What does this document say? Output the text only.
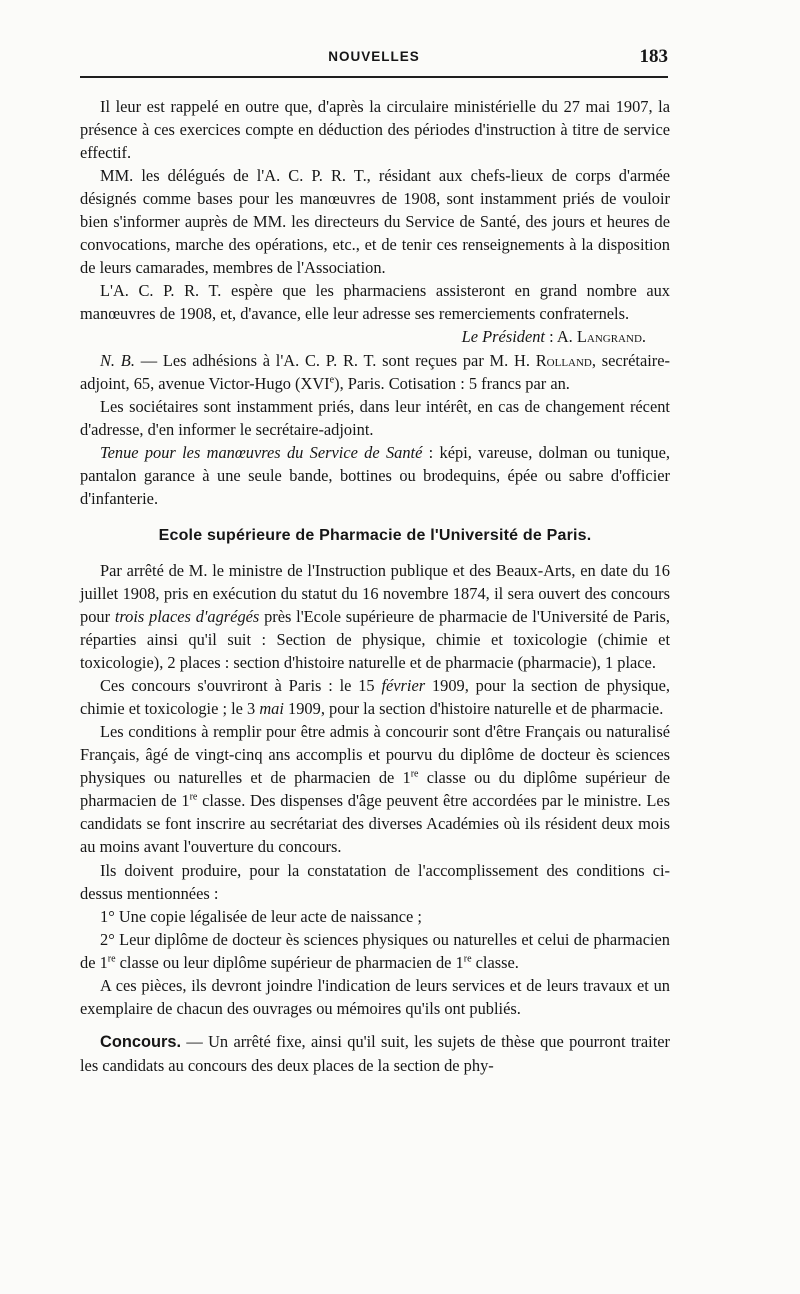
NOUVELLES	183

Il leur est rappelé en outre que, d'après la circulaire ministérielle du 27 mai 1907, la présence à ces exercices compte en déduction des périodes d'instruction à titre de service effectif.

MM. les délégués de l'A. C. P. R. T., résidant aux chefs-lieux de corps d'armée désignés comme bases pour les manœuvres de 1908, sont instamment priés de vouloir bien s'informer auprès de MM. les directeurs du Service de Santé, des jours et heures de convocations, marche des opérations, etc., et de tenir ces renseignements à la disposition de leurs camarades, membres de l'Association.

L'A. C. P. R. T. espère que les pharmaciens assisteront en grand nombre aux manœuvres de 1908, et, d'avance, elle leur adresse ses remerciements confraternels.

Le Président : A. Langrand.

N. B. — Les adhésions à l'A. C. P. R. T. sont reçues par M. H. Rolland, secrétaire-adjoint, 65, avenue Victor-Hugo (XVIe), Paris. Cotisation : 5 francs par an.

Les sociétaires sont instamment priés, dans leur intérêt, en cas de changement récent d'adresse, d'en informer le secrétaire-adjoint.

Tenue pour les manœuvres du Service de Santé : képi, vareuse, dolman ou tunique, pantalon garance à une seule bande, bottines ou brodequins, épée ou sabre d'officier d'infanterie.

Ecole supérieure de Pharmacie de l'Université de Paris.

Par arrêté de M. le ministre de l'Instruction publique et des Beaux-Arts, en date du 16 juillet 1908, pris en exécution du statut du 16 novembre 1874, il sera ouvert des concours pour trois places d'agrégés près l'Ecole supérieure de pharmacie de l'Université de Paris, réparties ainsi qu'il suit : Section de physique, chimie et toxicologie (chimie et toxicologie), 2 places : section d'histoire naturelle et de pharmacie (pharmacie), 1 place.

Ces concours s'ouvriront à Paris : le 15 février 1909, pour la section de physique, chimie et toxicologie ; le 3 mai 1909, pour la section d'histoire naturelle et de pharmacie.

Les conditions à remplir pour être admis à concourir sont d'être Français ou naturalisé Français, âgé de vingt-cinq ans accomplis et pourvu du diplôme de docteur ès sciences physiques ou naturelles et de pharmacien de 1re classe ou du diplôme supérieur de pharmacien de 1re classe. Des dispenses d'âge peuvent être accordées par le ministre. Les candidats se font inscrire au secrétariat des diverses Académies où ils résident deux mois au moins avant l'ouverture du concours.

Ils doivent produire, pour la constatation de l'accomplissement des conditions ci-dessus mentionnées :

1° Une copie légalisée de leur acte de naissance ;

2° Leur diplôme de docteur ès sciences physiques ou naturelles et celui de pharmacien de 1re classe ou leur diplôme supérieur de pharmacien de 1re classe.

A ces pièces, ils devront joindre l'indication de leurs services et de leurs travaux et un exemplaire de chacun des ouvrages ou mémoires qu'ils ont publiés.

Concours. — Un arrêté fixe, ainsi qu'il suit, les sujets de thèse que pourront traiter les candidats au concours des deux places de la section de phy-
